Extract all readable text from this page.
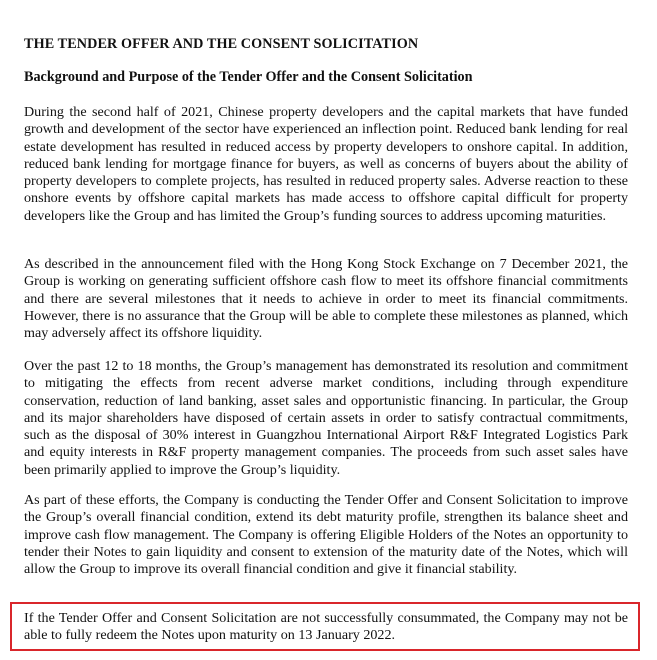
THE TENDER OFFER AND THE CONSENT SOLICITATION
Background and Purpose of the Tender Offer and the Consent Solicitation

During the second half of 2021, Chinese property developers and the capital markets that have funded growth and development of the sector have experienced an inflection point. Reduced bank lending for real estate development has resulted in reduced access by property developers to onshore capital. In addition, reduced bank lending for mortgage finance for buyers, as well as concerns of buyers about the ability of property developers to complete projects, has resulted in reduced property sales. Adverse reaction to these onshore events by offshore capital markets has made access to offshore capital difficult for property developers like the Group and has limited the Group’s funding sources to address upcoming maturities.

As described in the announcement filed with the Hong Kong Stock Exchange on 7 December 2021, the Group is working on generating sufficient offshore cash flow to meet its offshore financial commitments and there are several milestones that it needs to achieve in order to meet its financial commitments. However, there is no assurance that the Group will be able to complete these milestones as planned, which may adversely affect its offshore liquidity.

Over the past 12 to 18 months, the Group’s management has demonstrated its resolution and commitment to mitigating the effects from recent adverse market conditions, including through expenditure conservation, reduction of land banking, asset sales and opportunistic financing. In particular, the Group and its major shareholders have disposed of certain assets in order to satisfy contractual commitments, such as the disposal of 30% interest in Guangzhou International Airport R&F Integrated Logistics Park and equity interests in R&F property management companies. The proceeds from such asset sales have been primarily applied to improve the Group’s liquidity.

As part of these efforts, the Company is conducting the Tender Offer and Consent Solicitation to improve the Group’s overall financial condition, extend its debt maturity profile, strengthen its balance sheet and improve cash flow management. The Company is offering Eligible Holders of the Notes an opportunity to tender their Notes to gain liquidity and consent to extension of the maturity date of the Notes, which will allow the Group to improve its overall financial condition and give it financial stability.

If the Tender Offer and Consent Solicitation are not successfully consummated, the Company may not be able to fully redeem the Notes upon maturity on 13 January 2022.
